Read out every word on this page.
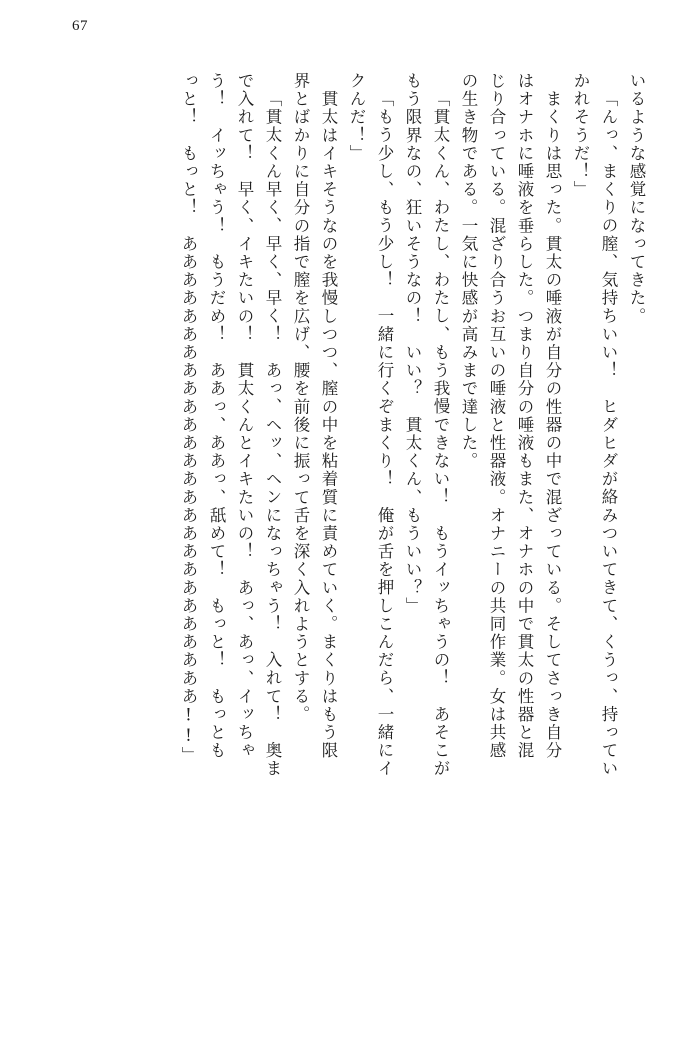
67
いるような感覚になってきた。
「んっ、まくりの膣、気持ちいい！　ヒダヒダが絡みついてきて、くうっ、持ってい
かれそうだ！」
　まくりは思った。貫太の唾液が自分の性器の中で混ざっている。そしてさっき自分
はオナホに唾液を垂らした。つまり自分の唾液もまた、オナホの中で貫太の性器と混
じり合っている。混ざり合うお互いの唾液と性器液。オナニーの共同作業。女は共感
の生き物である。一気に快感が高みまで達した。
「貫太くん、わたし、わたし、もう我慢できない！　もうイッちゃうの！　あそこが
もう限界なの、狂いそうなの！　いい？　貫太くん、もういい？」
「もう少し、もう少し！　一緒に行くぞまくり！　俺が舌を押しこんだら、一緒にイ
クんだ！」
　貫太はイキそうなのを我慢しつつ、膣の中を粘着質に責めていく。まくりはもう限
界とばかりに自分の指で膣を広げ、腰を前後に振って舌を深く入れようとする。
「貫太くん早く、早く、早く！　あっ、ヘッ、ヘンになっちゃう！　入れて！　奥ま
で入れて！　早く、イキたいの！　貫太くんとイキたいの！　あっ、あっ、イッちゃ
う！　イッちゃう！　もうだめ！　ああっ、ああっ、舐めて！　もっと！　もっとも
っと！　もっと！　ああああああああああああああああああああああああああ!!」
